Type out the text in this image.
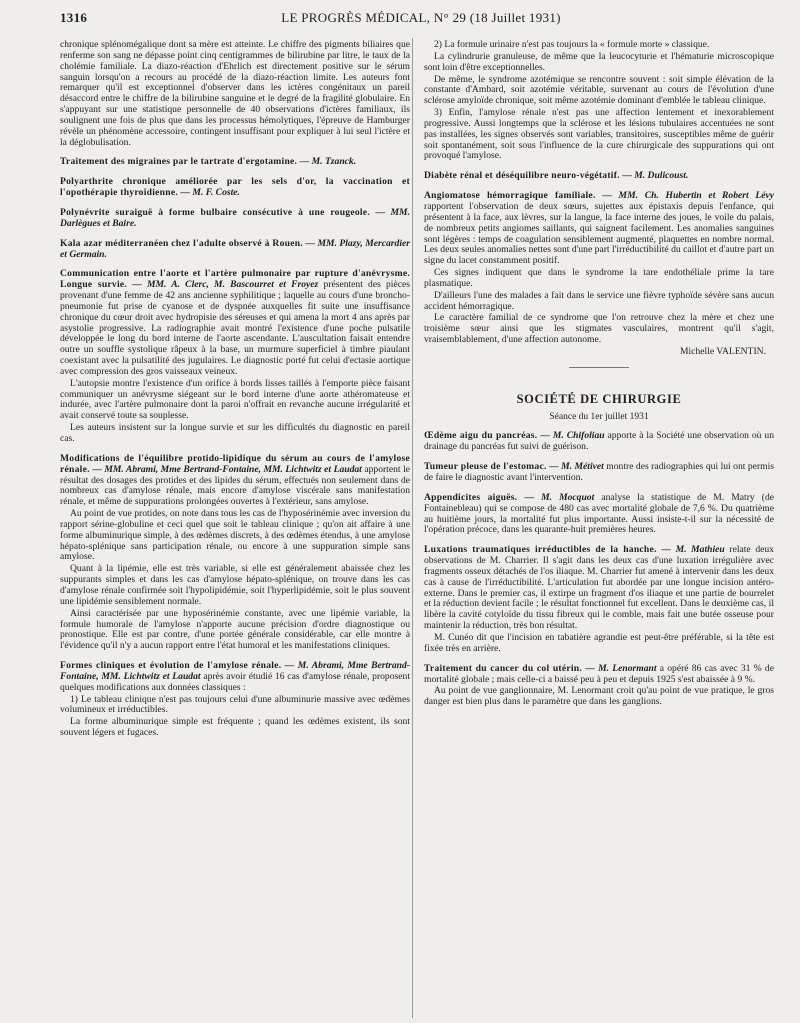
1316	LE PROGRÈS MÉDICAL, N° 29 (18 Juillet 1931)

chronique splénomégalique dont sa mère est atteinte. Le chiffre des pigments biliaires que renferme son sang ne dépasse point cinq centigrammes de bilirubine par litre, le taux de la cholémie familiale. La diazo-réaction d'Ehrlich est directement positive sur le sérum sanguin lorsqu'on a recours au procédé de la diazo-réaction limite. Les auteurs font remarquer qu'il est exceptionnel d'observer dans les ictères congénitaux un pareil désaccord entre le chiffre de la bilirubine sanguine et le degré de la fragilité globulaire. En s'appuyant sur une statistique personnelle de 40 observations d'ictères familiaux, ils soulignent une fois de plus que dans les processus hémolytiques, l'épreuve de Hamburger révèle un phénomène accessoire, contingent insuffisant pour expliquer à lui seul l'ictère et la déglobulisation.

Traitement des migraines par le tartrate d'ergotamine. — M. Tzanck.

Polyarthrite chronique améliorée par les sels d'or, la vaccination et l'opothérapie thyroïdienne. — M. F. Coste.

Polynévrite suraiguë à forme bulbaire consécutive à une rougeole. — MM. Darlègues et Baire.

Kala azar méditerranéen chez l'adulte observé à Rouen. — MM. Plazy, Mercardier et Germain.

Communication entre l'aorte et l'artère pulmonaire par rupture d'anévrysme. Longue survie. — MM. A. Clerc, M. Bascourret et Froyez présentent des pièces provenant d'une femme de 42 ans ancienne syphilitique ; laquelle au cours d'une broncho-pneumonie fut prise de cyanose et de dyspnée auxquelles fit suite une insuffisance chronique du cœur droit avec hydropisie des séreuses et qui amena la mort 4 ans après par asystolie progressive. La radiographie avait montré l'existence d'une poche pulsatile développée le long du bord interne de l'aorte ascendante. L'auscultation faisait entendre outre un souffle systolique râpeux à la base, un murmure superficiel à timbre piaulant coexistant avec la pulsatilité des jugulaires. Le diagnostic porté fut celui d'ectasie aortique avec compression des gros vaisseaux veineux.

L'autopsie montre l'existence d'un orifice à bords lisses taillés à l'emporte pièce faisant communiquer un anévrysme siégeant sur le bord interne d'une aorte athéromateuse et indurée, avec l'artère pulmonaire dont la paroi n'offrait en revanche aucune irrégularité et avait conservé toute sa souplesse.

Les auteurs insistent sur la longue survie et sur les difficultés du diagnostic en pareil cas.

Modifications de l'équilibre protido-lipidique du sérum au cours de l'amylose rénale. — MM. Abrami, Mme Bertrand-Fontaine, MM. Lichtwitz et Laudat apportent le résultat des dosages des protides et des lipides du sérum, effectués non seulement dans de nombreux cas d'amylose rénale, mais encore d'amylose viscérale sans manifestation rénale, et même de suppurations prolongées ouvertes à l'extérieur, sans amylose.

Au point de vue protides, on note dans tous les cas de l'hyposérinémie avec inversion du rapport sérine-globuline et ceci quel que soit le tableau clinique ; qu'on ait affaire à une forme albuminurique simple, à des œdèmes discrets, à des œdèmes étendus, à une amylose hépato-splénique sans participation rénale, ou encore à une suppuration simple sans amylose.

Quant à la lipémie, elle est très variable, si elle est généralement abaissée chez les suppurants simples et dans les cas d'amylose hépato-splénique, on trouve dans les cas d'amylose rénale confirmée soit l'hypolipidémie, soit l'hyperlipidémie, soit le plus souvent une lipidémie sensiblement normale.

Ainsi caractérisée par une hyposérinémie constante, avec une lipémie variable, la formule humorale de l'amylose n'apporte aucune précision d'ordre diagnostique ou pronostique. Elle est par contre, d'une portée générale considérable, car elle montre à l'évidence qu'il n'y a aucun rapport entre l'état humoral et les manifestations cliniques.

Formes cliniques et évolution de l'amylose rénale. — M. Abrami, Mme Bertrand-Fontaine, MM. Lichtwitz et Laudat après avoir étudié 16 cas d'amylose rénale, proposent quelques modifications aux données classiques :

1) Le tableau clinique n'est pas toujours celui d'une albuminurie massive avec œdèmes volumineux et irréductibles.

La forme albuminurique simple est fréquente ; quand les œdèmes existent, ils sont souvent légers et fugaces.

2) La formule urinaire n'est pas toujours la « formule morte » classique.

La cylindrurie granuleuse, de même que la leucocyturie et l'hématurie microscopique sont loin d'être exceptionnelles.

De même, le syndrome azotémique se rencontre souvent : soit simple élévation de la constante d'Ambard, soit azotémie véritable, survenant au cours de l'évolution d'une sclérose amyloïde chronique, soit même azotémie dominant d'emblée le tableau clinique.

3) Enfin, l'amylose rénale n'est pas une affection lentement et inexorablement progressive. Aussi longtemps que la sclérose et les lésions tubulaires accentuées ne sont pas installées, les signes observés sont variables, transitoires, susceptibles même de guérir soit spontanément, soit sous l'influence de la cure chirurgicale des suppurations qui ont provoqué l'amylose.

Diabète rénal et déséquilibre neuro-végétatif. — M. Dulicoust.

Angiomatose hémorragique familiale. — MM. Ch. Hubertin et Robert Lévy rapportent l'observation de deux sœurs, sujettes aux épistaxis depuis l'enfance, qui présentent à la face, aux lèvres, sur la langue, la face interne des joues, le voile du palais, de nombreux petits angiomes saillants, qui saignent facilement. Les anomalies sanguines sont légères : temps de coagulation sensiblement augmenté, plaquettes en nombre normal. Les deux seules anomalies nettes sont d'une part l'irréductibilité du caillot et d'autre part un signe du lacet constamment positif.

Ces signes indiquent que dans le syndrome la tare endothéliale prime la tare plasmatique.

D'ailleurs l'une des malades a fait dans le service une fièvre typhoïde sévère sans aucun accident hémorragique.

Le caractère familial de ce syndrome que l'on retrouve chez la mère et chez une troisième sœur ainsi que les stigmates vasculaires, montrent qu'il s'agit, vraisemblablement, d'une affection autonome.

Michelle VALENTIN.

SOCIÉTÉ DE CHIRURGIE
Séance du 1er juillet 1931

Œdème aigu du pancréas. — M. Chifoliau apporte à la Société une observation où un drainage du pancréas fut suivi de guérison.

Tumeur pleuse de l'estomac. — M. Métivet montre des radiographies qui lui ont permis de faire le diagnostic avant l'intervention.

Appendicites aiguës. — M. Mocquot analyse la statistique de M. Matry (de Fontainebleau) qui se compose de 480 cas avec mortalité globale de 7,6 %. Du quatrième au huitième jours, la mortalité fut plus importante. Aussi insiste-t-il sur la nécessité de l'opération précoce, dans les quarante-huit premières heures.

Luxations traumatiques irréductibles de la hanche. — M. Mathieu relate deux observations de M. Charrier. Il s'agit dans les deux cas d'une luxation irrégulière avec fragments osseux détachés de l'os iliaque. M. Charrier fut amené à intervenir dans les deux cas à cause de l'irréductibilité. L'articulation fut abordée par une longue incision antéro-externe. Dans le premier cas, il extirpe un fragment d'os iliaque et une partie de bourrelet et la réduction devient facile ; le résultat fonctionnel fut excellent. Dans le deuxième cas, il libère la cavité cotyloïde du tissu fibreux qui le comble, mais fait une butée osseuse pour maintenir la réduction, très bon résultat.

M. Cunéo dit que l'incision en tabatière agrandie est peut-être préférable, si la tête est fixée très en arrière.

Traitement du cancer du col utérin. — M. Lenormant a opéré 86 cas avec 31 % de mortalité globale ; mais celle-ci a baissé peu à peu et depuis 1925 s'est abaissée à 9 %.

Au point de vue ganglionnaire, M. Lenormant croit qu'au point de vue pratique, le gros danger est bien plus dans le paramètre que dans les ganglions.
